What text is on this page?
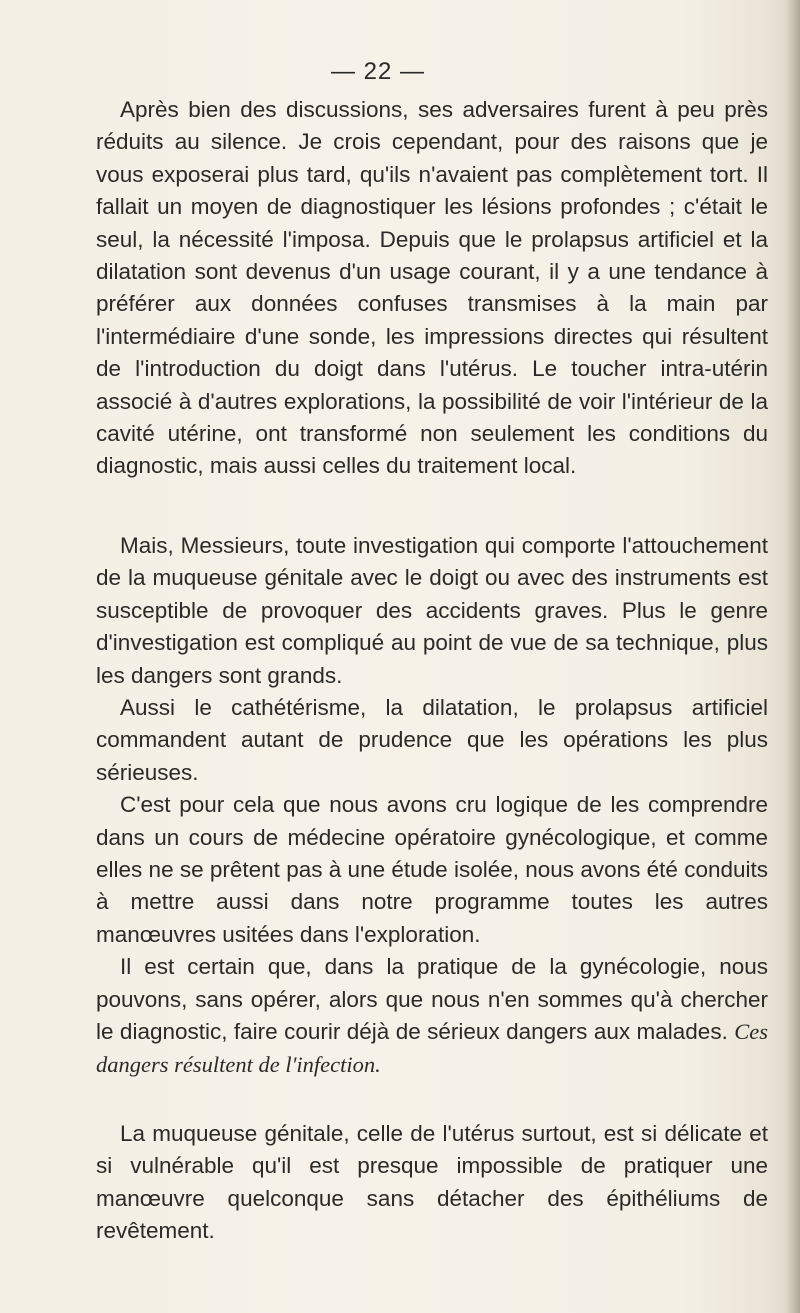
— 22 —

Après bien des discussions, ses adversaires furent à peu près réduits au silence. Je crois cependant, pour des raisons que je vous exposerai plus tard, qu'ils n'avaient pas complètement tort. Il fallait un moyen de diagnostiquer les lésions profondes ; c'était le seul, la nécessité l'imposa. Depuis que le prolapsus artificiel et la dilatation sont devenus d'un usage courant, il y a une tendance à préférer aux données confuses transmises à la main par l'intermédiaire d'une sonde, les impressions directes qui résultent de l'introduction du doigt dans l'utérus. Le toucher intra-utérin associé à d'autres explorations, la possibilité de voir l'intérieur de la cavité utérine, ont transformé non seulement les conditions du diagnostic, mais aussi celles du traitement local.

Mais, Messieurs, toute investigation qui comporte l'attouchement de la muqueuse génitale avec le doigt ou avec des instruments est susceptible de provoquer des accidents graves. Plus le genre d'investigation est compliqué au point de vue de sa technique, plus les dangers sont grands.

Aussi le cathétérisme, la dilatation, le prolapsus artificiel commandent autant de prudence que les opérations les plus sérieuses.

C'est pour cela que nous avons cru logique de les comprendre dans un cours de médecine opératoire gynécologique, et comme elles ne se prêtent pas à une étude isolée, nous avons été conduits à mettre aussi dans notre programme toutes les autres manœuvres usitées dans l'exploration.

Il est certain que, dans la pratique de la gynécologie, nous pouvons, sans opérer, alors que nous n'en sommes qu'à chercher le diagnostic, faire courir déjà de sérieux dangers aux malades. Ces dangers résultent de l'infection.

La muqueuse génitale, celle de l'utérus surtout, est si délicate et si vulnérable qu'il est presque impossible de pratiquer une manœuvre quelconque sans détacher des épithéliums de revêtement.
